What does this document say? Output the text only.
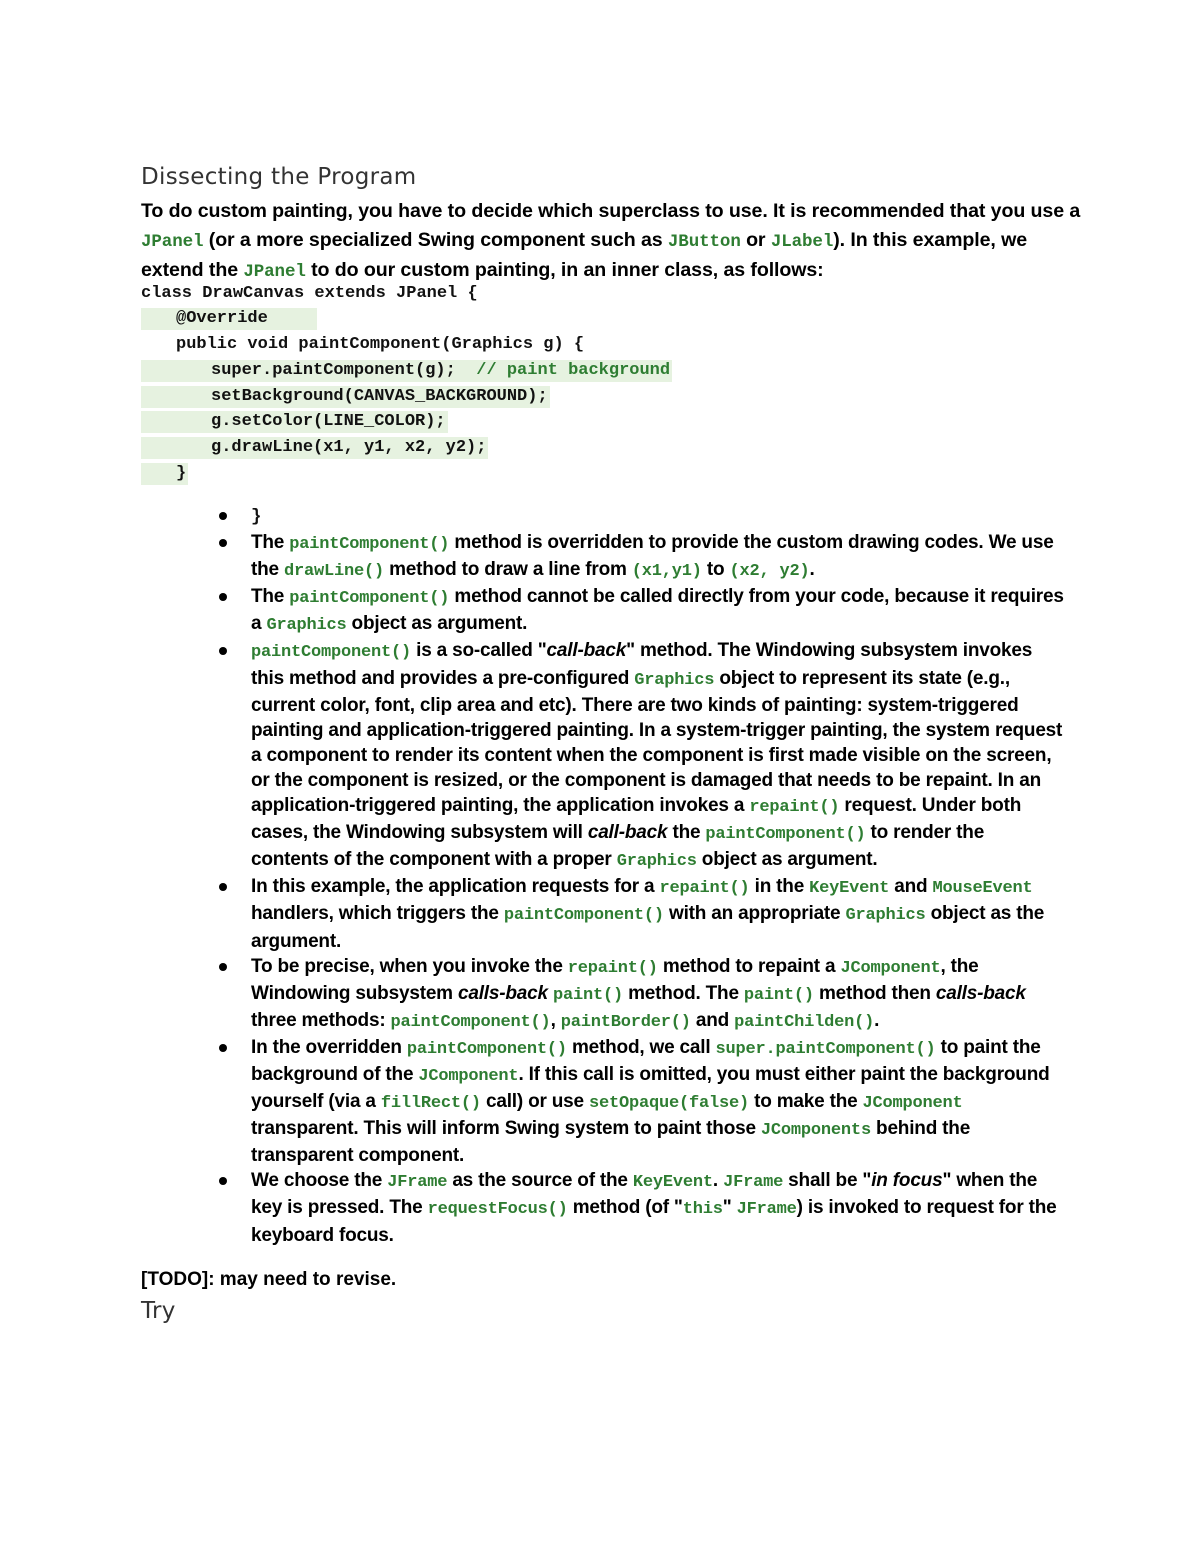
Dissecting the Program

To do custom painting, you have to decide which superclass to use. It is recommended that you use a JPanel (or a more specialized Swing component such as JButton or JLabel). In this example, we extend the JPanel to do our custom painting, in an inner class, as follows:

class DrawCanvas extends JPanel {
@Override
public void paintComponent(Graphics g) {
super.paintComponent(g); // paint background
setBackground(CANVAS_BACKGROUND);
g.setColor(LINE_COLOR);
g.drawLine(x1, y1, x2, y2);
}
}
The paintComponent() method is overridden to provide the custom drawing codes. We use the drawLine() method to draw a line from (x1,y1) to (x2, y2).
The paintComponent() method cannot be called directly from your code, because it requires a Graphics object as argument.
paintComponent() is a so-called "call-back" method. The Windowing subsystem invokes this method and provides a pre-configured Graphics object to represent its state (e.g., current color, font, clip area and etc). There are two kinds of painting: system-triggered painting and application-triggered painting. In a system-trigger painting, the system request a component to render its content when the component is first made visible on the screen, or the component is resized, or the component is damaged that needs to be repaint. In an application-triggered painting, the application invokes a repaint() request. Under both cases, the Windowing subsystem will call-back the paintComponent() to render the contents of the component with a proper Graphics object as argument.
In this example, the application requests for a repaint() in the KeyEvent and MouseEvent handlers, which triggers the paintComponent() with an appropriate Graphics object as the argument.
To be precise, when you invoke the repaint() method to repaint a JComponent, the Windowing subsystem calls-back paint() method. The paint() method then calls-back three methods: paintComponent(), paintBorder() and paintChilden().
In the overridden paintComponent() method, we call super.paintComponent() to paint the background of the JComponent. If this call is omitted, you must either paint the background yourself (via a fillRect() call) or use setOpaque(false) to make the JComponent transparent. This will inform Swing system to paint those JComponents behind the transparent component.
We choose the JFrame as the source of the KeyEvent. JFrame shall be "in focus" when the key is pressed. The requestFocus() method (of "this" JFrame) is invoked to request for the keyboard focus.

[TODO]: may need to revise.

Try
